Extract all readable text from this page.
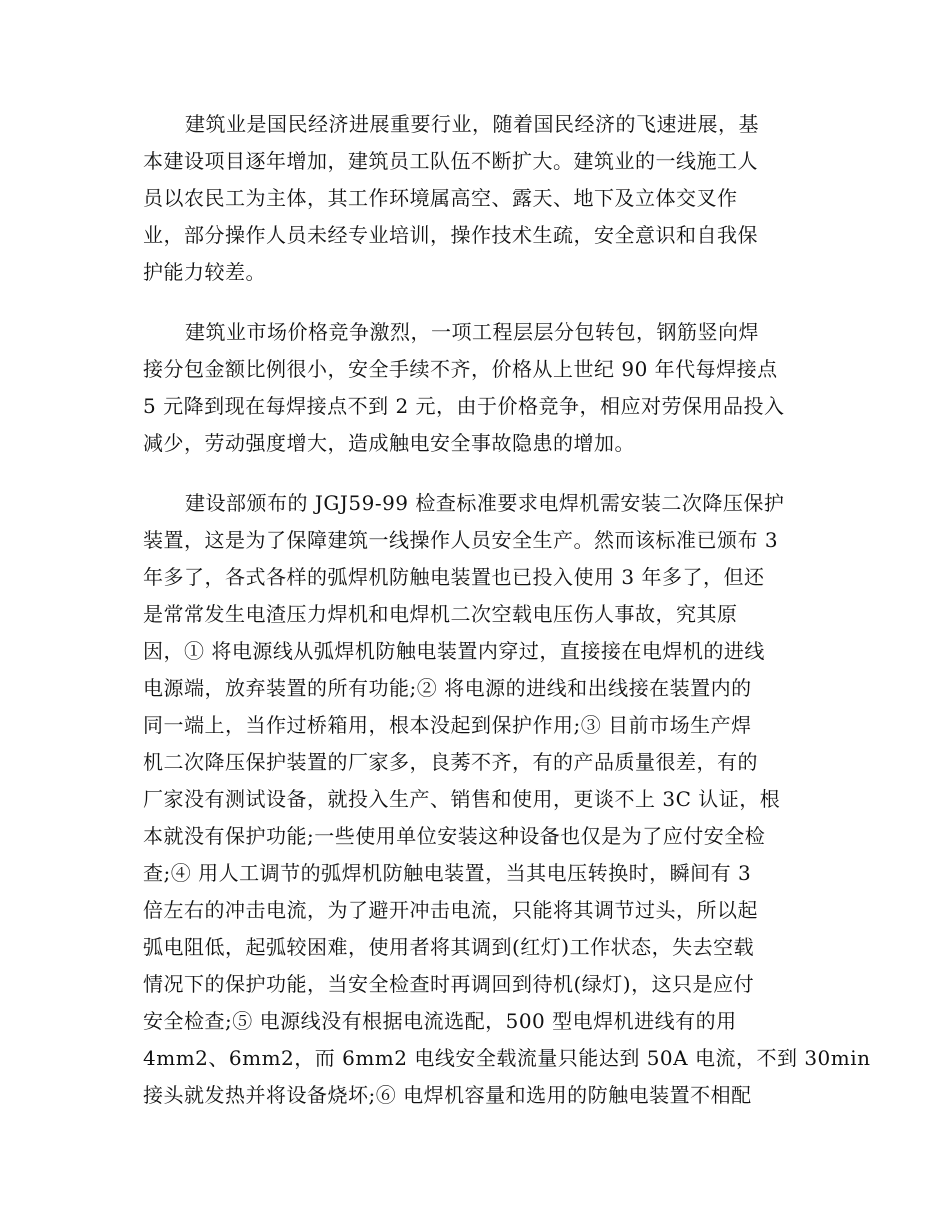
建筑业是国民经济进展重要行业，随着国民经济的飞速进展，基
本建设项目逐年增加，建筑员工队伍不断扩大。建筑业的一线施工人
员以农民工为主体，其工作环境属高空、露天、地下及立体交叉作
业，部分操作人员未经专业培训，操作技术生疏，安全意识和自我保
护能力较差。
建筑业市场价格竞争激烈，一项工程层层分包转包，钢筋竖向焊
接分包金额比例很小，安全手续不齐，价格从上世纪 90 年代每焊接点
5 元降到现在每焊接点不到 2 元，由于价格竞争，相应对劳保用品投入
减少，劳动强度增大，造成触电安全事故隐患的增加。
建设部颁布的 JGJ59-99 检查标准要求电焊机需安装二次降压保护
装置，这是为了保障建筑一线操作人员安全生产。然而该标准已颁布 3
年多了，各式各样的弧焊机防触电装置也已投入使用 3 年多了，但还
是常常发生电渣压力焊机和电焊机二次空载电压伤人事故，究其原
因，① 将电源线从弧焊机防触电装置内穿过，直接接在电焊机的进线
电源端，放弃装置的所有功能;② 将电源的进线和出线接在装置内的
同一端上，当作过桥箱用，根本没起到保护作用;③ 目前市场生产焊
机二次降压保护装置的厂家多，良莠不齐，有的产品质量很差，有的
厂家没有测试设备，就投入生产、销售和使用，更谈不上 3C 认证，根
本就没有保护功能;一些使用单位安装这种设备也仅是为了应付安全检
查;④ 用人工调节的弧焊机防触电装置，当其电压转换时，瞬间有 3
倍左右的冲击电流，为了避开冲击电流，只能将其调节过头，所以起
弧电阻低，起弧较困难，使用者将其调到(红灯)工作状态，失去空载
情况下的保护功能，当安全检查时再调回到待机(绿灯)，这只是应付
安全检查;⑤ 电源线没有根据电流选配，500 型电焊机进线有的用
4mm2、6mm2，而 6mm2 电线安全载流量只能达到 50A 电流，不到 30min
接头就发热并将设备烧坏;⑥ 电焊机容量和选用的防触电装置不相配
